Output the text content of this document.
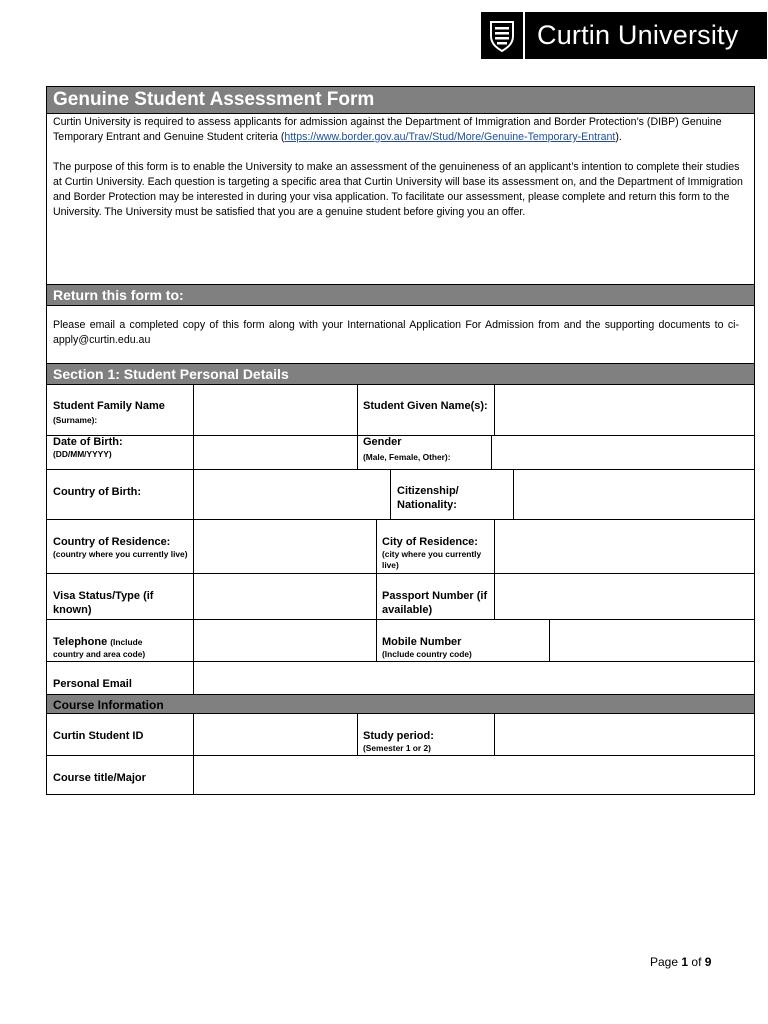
Curtin University
Genuine Student Assessment Form

Curtin University is required to assess applicants for admission against the Department of Immigration and Border Protection’s (DIBP) Genuine Temporary Entrant and Genuine Student criteria (https://www.border.gov.au/Trav/Stud/More/Genuine-Temporary-Entrant).

The purpose of this form is to enable the University to make an assessment of the genuineness of an applicant’s intention to complete their studies at Curtin University. Each question is targeting a specific area that Curtin University will base its assessment on, and the Department of Immigration and Border Protection may be interested in during your visa application. To facilitate our assessment, please complete and return this form to the University. The University must be satisfied that you are a genuine student before giving you an offer.

Return this form to:
Please email a completed copy of this form along with your International Application For Admission from and the supporting documents to ci-apply@curtin.edu.au
Section 1: Student Personal Details
Course Information
Student Family Name
(Surname):
Student Given Name(s):
Date of Birth:
(DD/MM/YYYY)
Gender
(Male, Female, Other):
Country of Birth:	Citizenship/ Nationality:
Country of Residence:
(country where you currently live)
City of Residence:
(city where you currently live)
Visa Status/Type (if known)
Passport Number (if available)
Telephone (Include
country and area code)
Mobile Number
(Include country code)
Personal Email
Curtin Student ID	Study period:
(Semester 1 or 2)
Course title/Major
Page 1 of 9
